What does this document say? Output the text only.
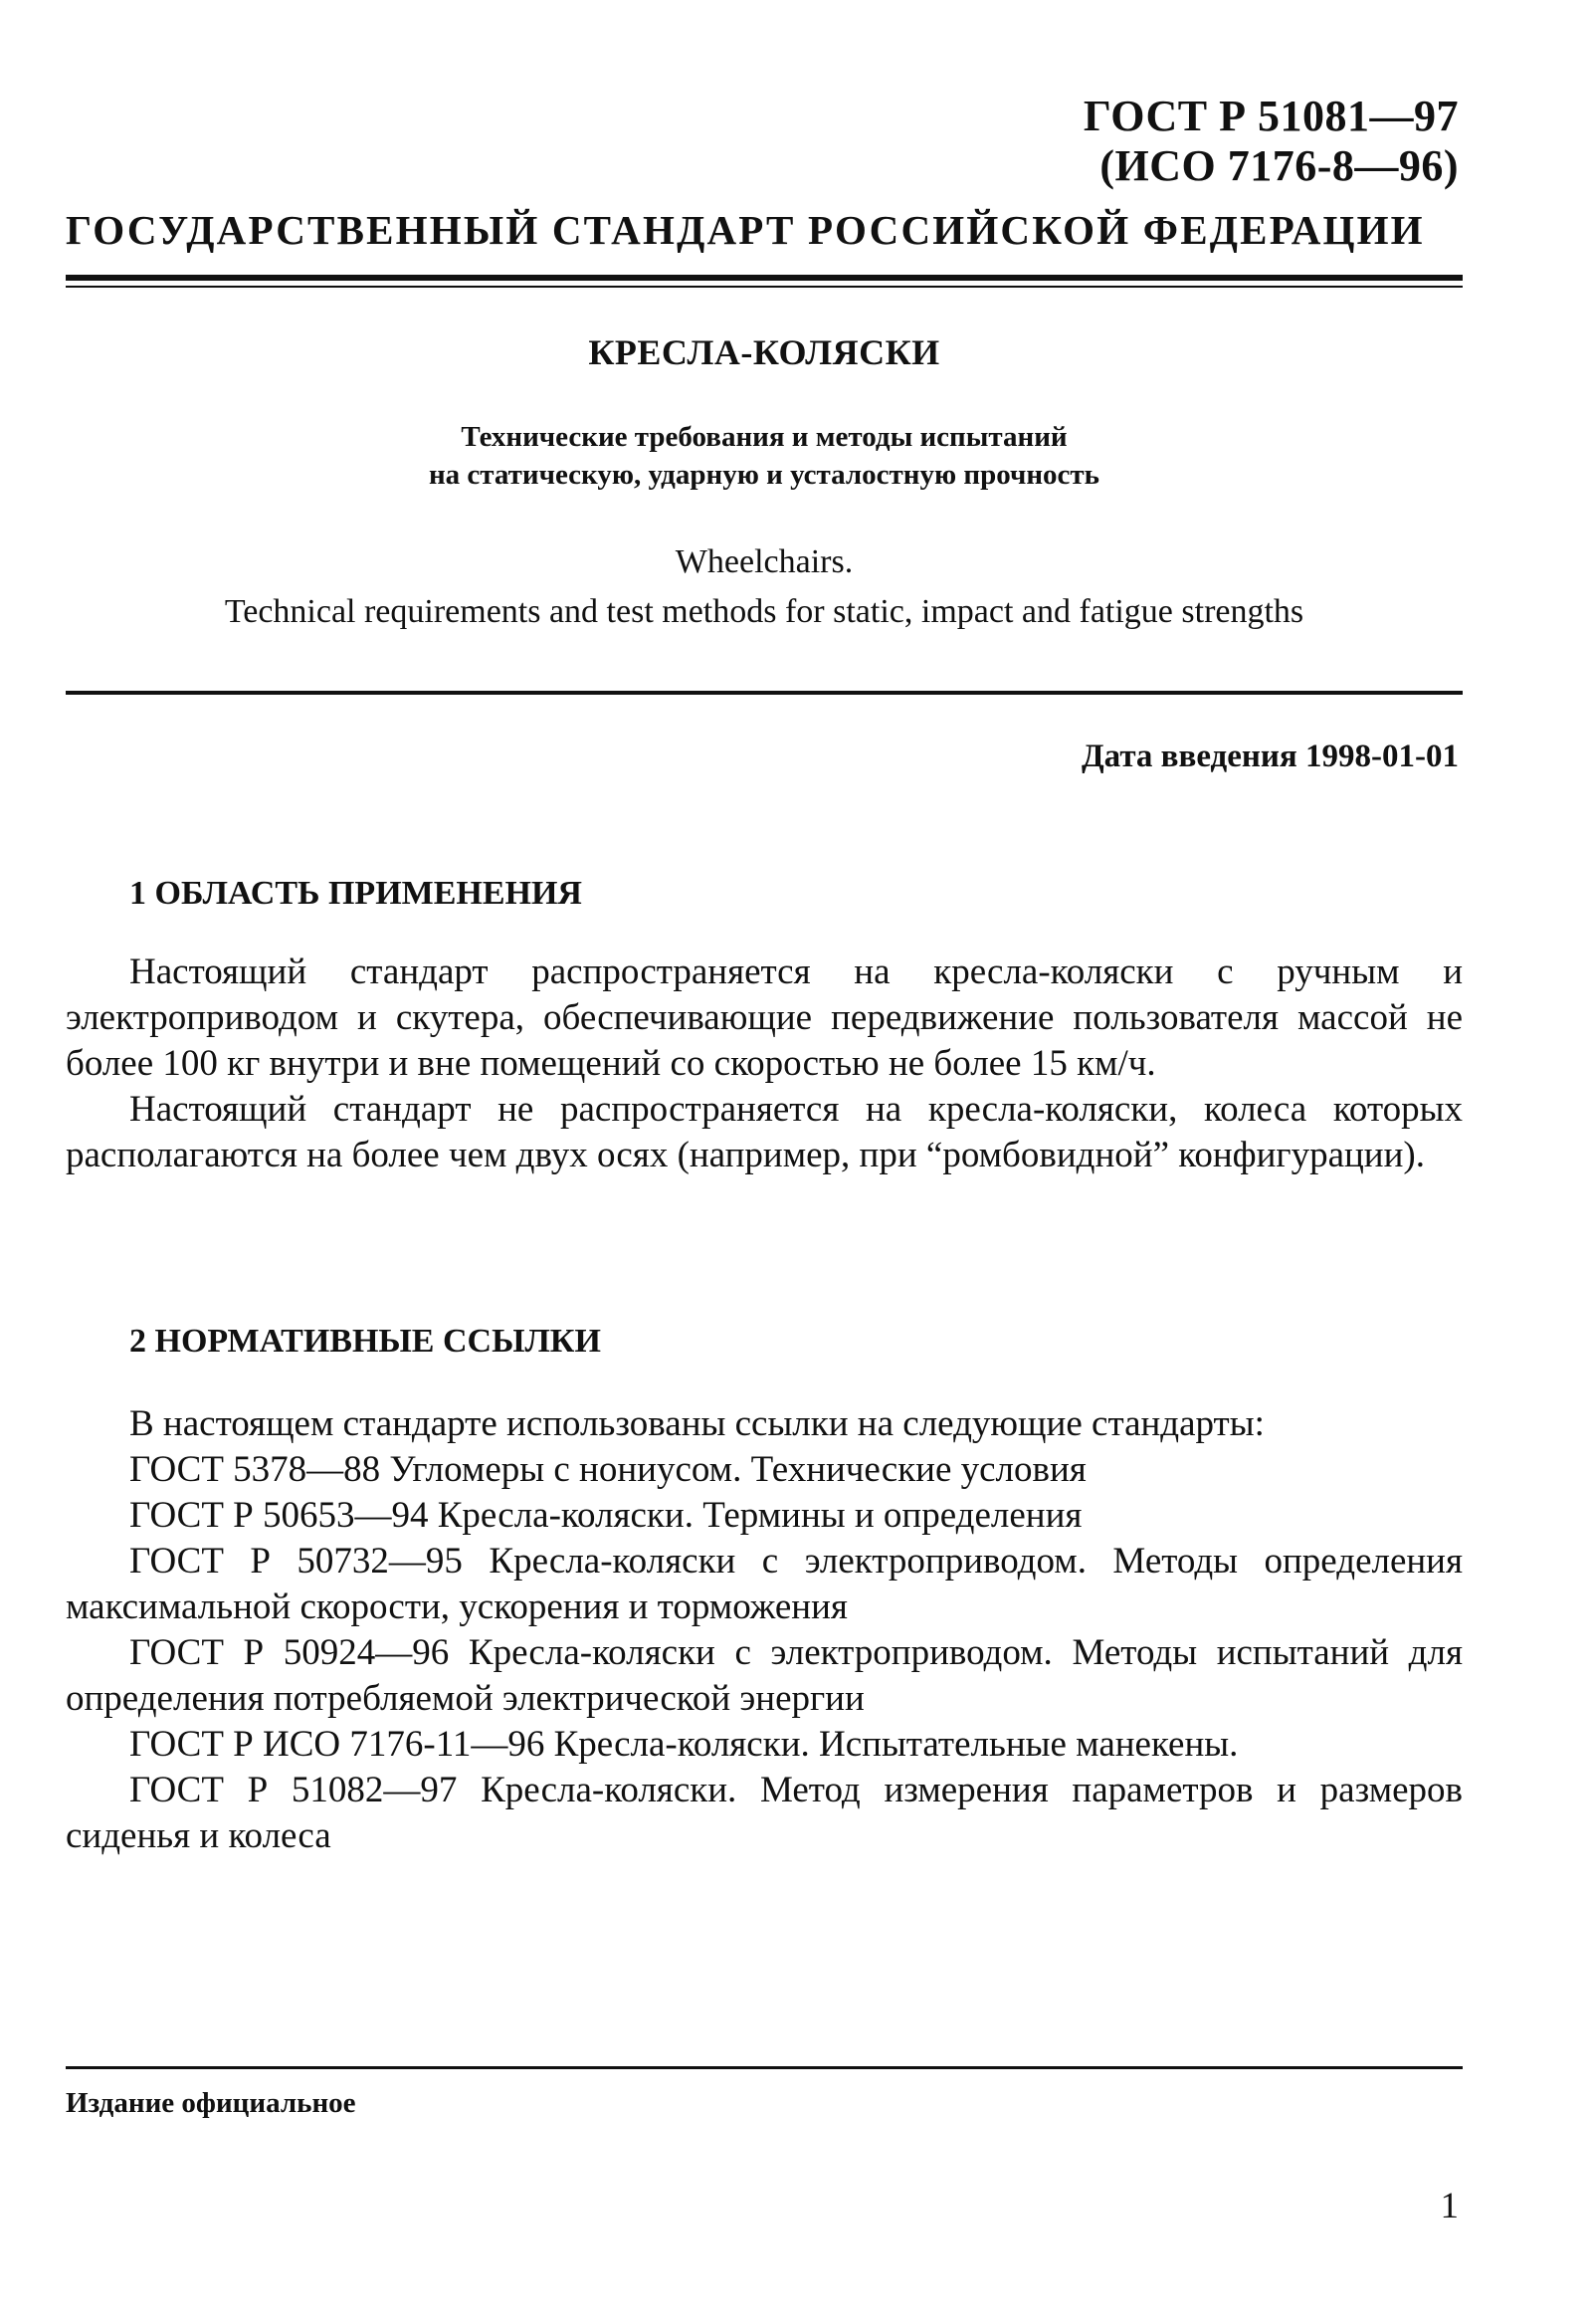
ГОСТ Р 51081—97
(ИСО 7176-8—96)
ГОСУДАРСТВЕННЫЙ СТАНДАРТ РОССИЙСКОЙ ФЕДЕРАЦИИ
КРЕСЛА-КОЛЯСКИ
Технические требования и методы испытаний
на статическую, ударную и усталостную прочность
Wheelchairs.
Technical requirements and test methods for static, impact and fatigue strengths
Дата введения 1998-01-01
1 ОБЛАСТЬ ПРИМЕНЕНИЯ

Настоящий стандарт распространяется на кресла-коляски с ручным и электроприводом и скутера, обеспечивающие передвижение пользователя массой не более 100 кг внутри и вне помещений со скоростью не более 15 км/ч.

Настоящий стандарт не распространяется на кресла-коляски, колеса которых располагаются на более чем двух осях (например, при “ромбовидной” конфигурации).

2 НОРМАТИВНЫЕ ССЫЛКИ

В настоящем стандарте использованы ссылки на следующие стандарты:

ГОСТ 5378—88 Угломеры с нониусом. Технические условия

ГОСТ Р 50653—94 Кресла-коляски. Термины и определения

ГОСТ Р 50732—95 Кресла-коляски с электроприводом. Методы определения максимальной скорости, ускорения и торможения

ГОСТ Р 50924—96 Кресла-коляски с электроприводом. Методы испытаний для определения потребляемой электрической энергии

ГОСТ Р ИСО 7176-11—96 Кресла-коляски. Испытательные манекены.

ГОСТ Р 51082—97 Кресла-коляски. Метод измерения параметров и размеров сиденья и колеса

Издание официальное
1
